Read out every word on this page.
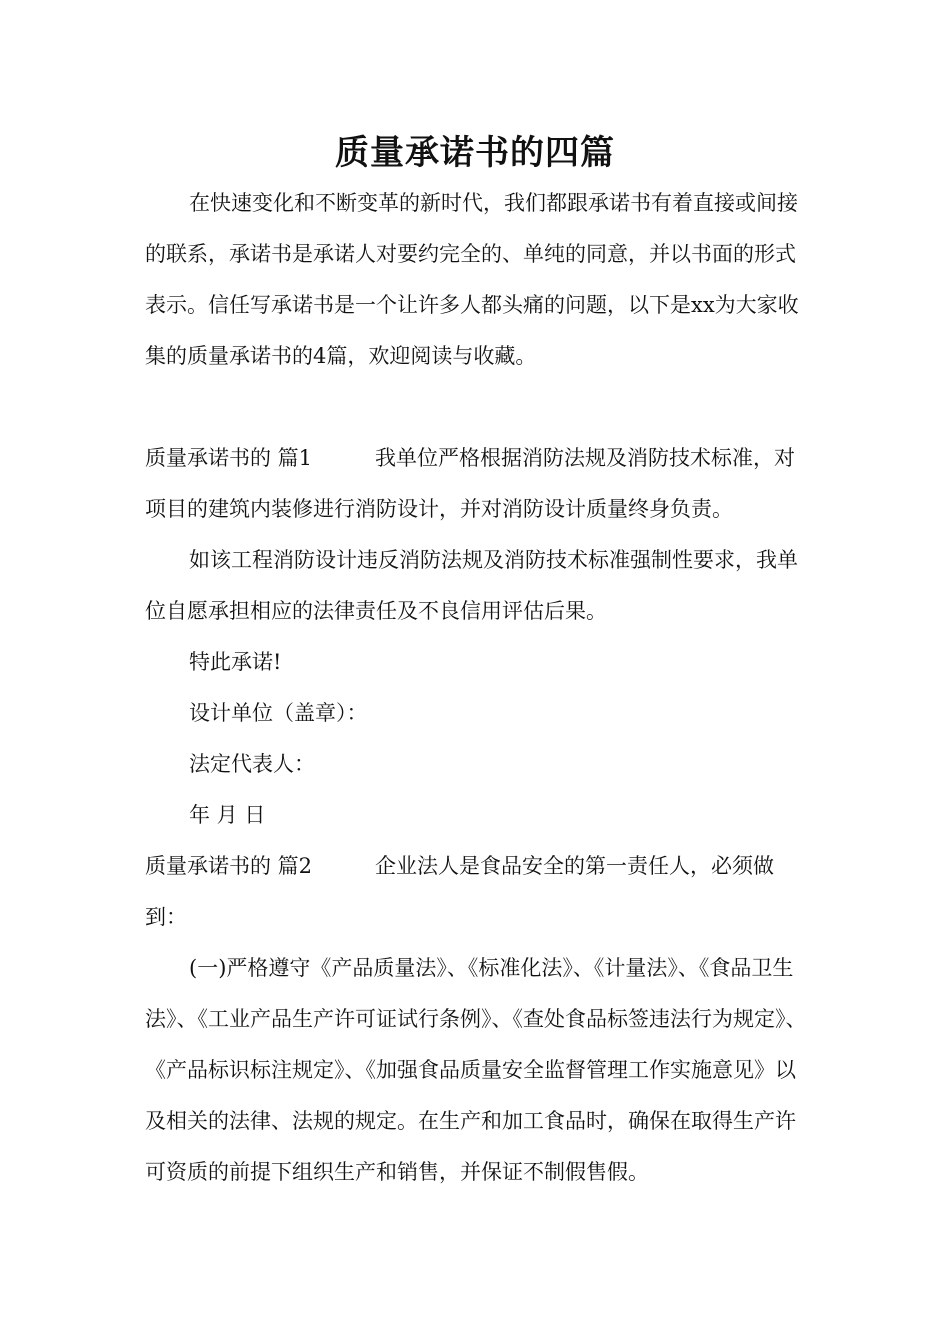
质量承诺书的四篇

在快速变化和不断变革的新时代，我们都跟承诺书有着直接或间接的联系，承诺书是承诺人对要约完全的、单纯的同意，并以书面的形式表示。信任写承诺书是一个让许多人都头痛的问题，以下是xx为大家收集的质量承诺书的4篇，欢迎阅读与收藏。

质量承诺书的 篇1	我单位严格根据消防法规及消防技术标准，对 项目的建筑内装修进行消防设计，并对消防设计质量终身负责。

如该工程消防设计违反消防法规及消防技术标准强制性要求，我单位自愿承担相应的法律责任及不良信用评估后果。

特此承诺!

设计单位（盖章）：

法定代表人：

年 月 日

质量承诺书的 篇2	企业法人是食品安全的第一责任人，必须做到：

(一)严格遵守《产品质量法》、《标准化法》、《计量法》、《食品卫生法》、《工业产品生产许可证试行条例》、《查处食品标签违法行为规定》、《产品标识标注规定》、《加强食品质量安全监督管理工作实施意见》以及相关的法律、法规的规定。在生产和加工食品时，确保在取得生产许可资质的前提下组织生产和销售，并保证不制假售假。
